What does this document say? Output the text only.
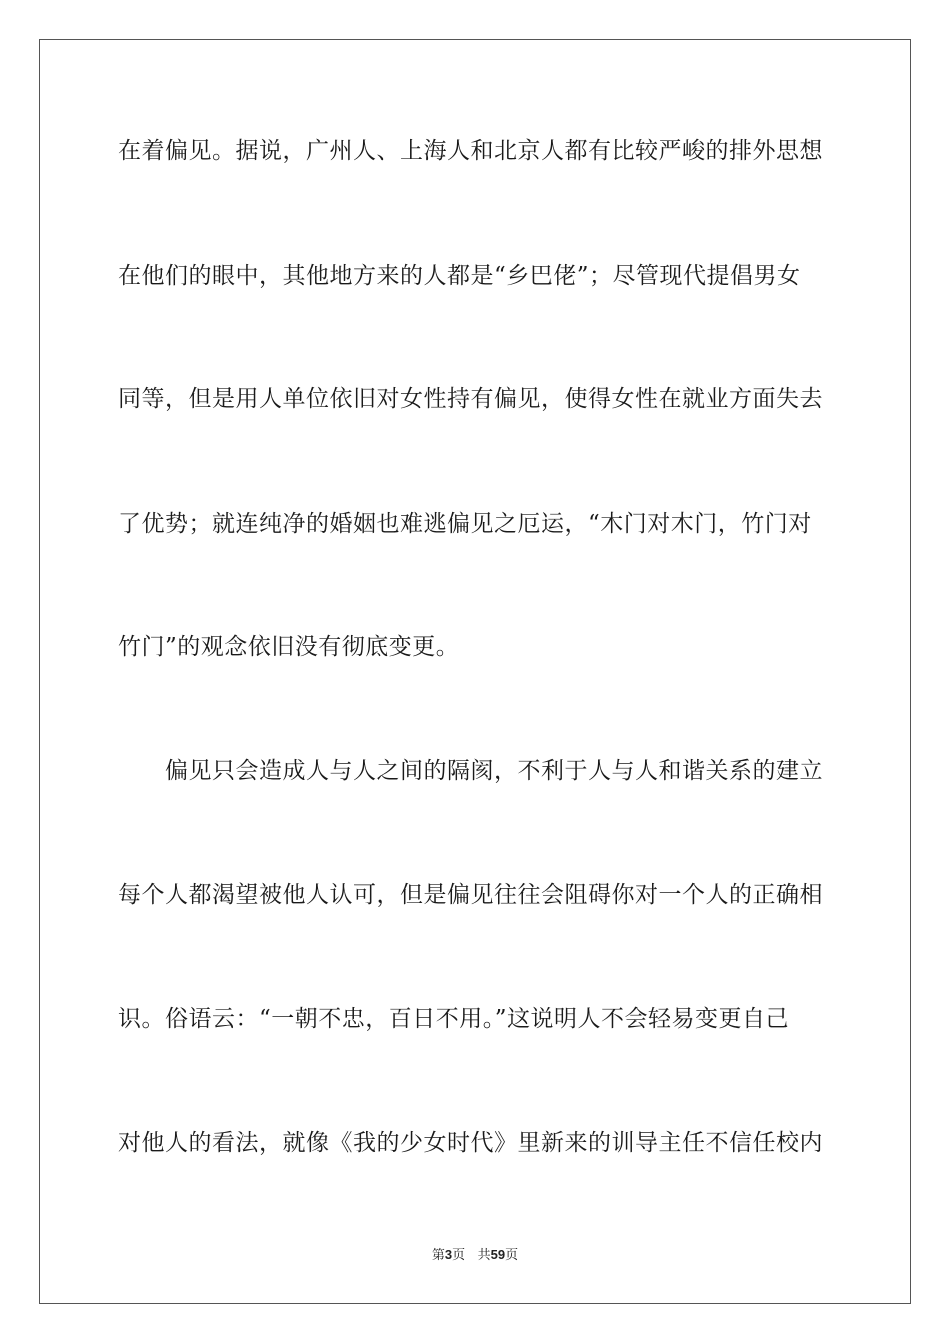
在着偏见。据说，广州人、上海人和北京人都有比较严峻的排外思想
在他们的眼中，其他地方来的人都是“乡巴佬”；尽管现代提倡男女
同等，但是用人单位依旧对女性持有偏见，使得女性在就业方面失去
了优势；就连纯净的婚姻也难逃偏见之厄运，“木门对木门，竹门对
竹门”的观念依旧没有彻底变更。
偏见只会造成人与人之间的隔阂，不利于人与人和谐关系的建立
每个人都渴望被他人认可，但是偏见往往会阻碍你对一个人的正确相
识。俗语云：“一朝不忠，百日不用。”这说明人不会轻易变更自己
对他人的看法，就像《我的少女时代》里新来的训导主任不信任校内
第3页 共59页
